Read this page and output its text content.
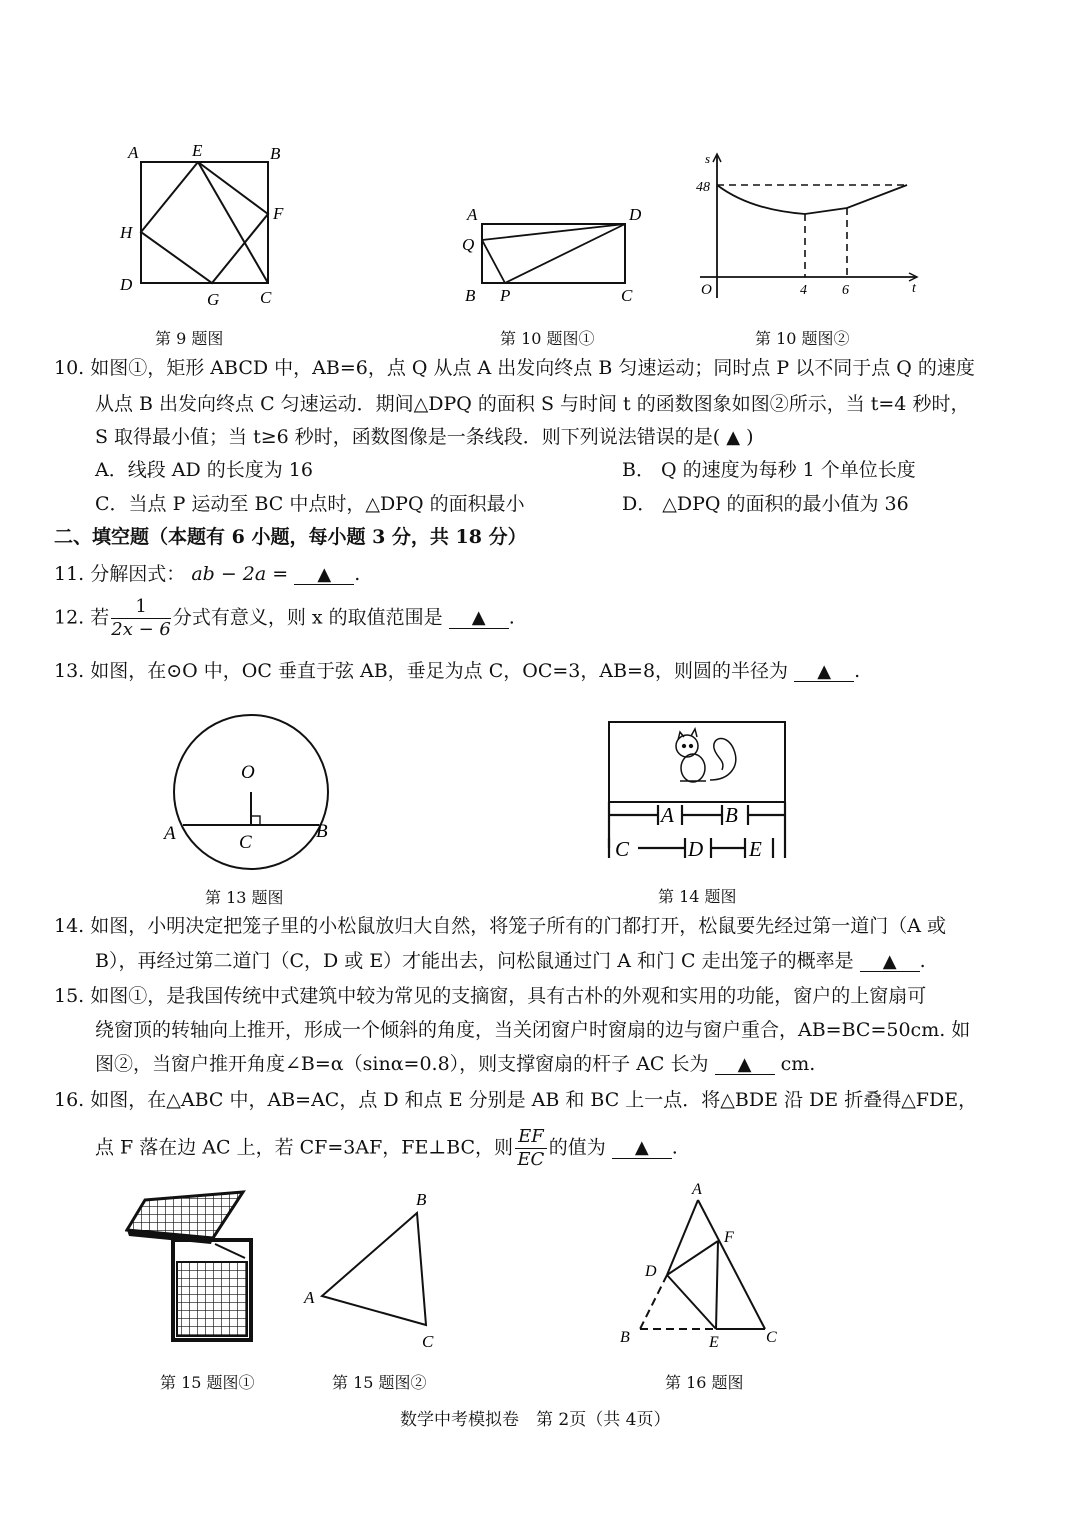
A	E	B
H
F
D
G C
第 9 题图
A	D
Q
B P	C
第 10 题图①
s
48
O	4	6	t
第 10 题图②
10. 如图①，矩形 ABCD 中，AB=6，点 Q 从点 A 出发向终点 B 匀速运动；同时点 P 以不同于点 Q 的速度
从点 B 出发向终点 C 匀速运动．期间△DPQ 的面积 S 与时间 t 的函数图象如图②所示，当 t=4 秒时，
S 取得最小值；当 t≥6 秒时，函数图像是一条线段．则下列说法错误的是( ▲ )
A．线段 AD 的长度为 16	B． Q 的速度为每秒 1 个单位长度
C．当点 P 运动至 BC 中点时，△DPQ 的面积最小	D． △DPQ 的面积的最小值为 36
二、填空题（本题有 6 小题，每小题 3 分，共 18 分）
11. 分解因式： ab − 2a = ▲ .
12. 若 $\frac{1}{2x - 6}$ 分式有意义，则 x 的取值范围是 ▲ .
13. 如图，在⊙O 中，OC 垂直于弦 AB，垂足为点 C，OC=3，AB=8，则圆的半径为 ▲ .
O
A	B
C
第 13 题图
A B
C	D E
第 14 题图
14. 如图，小明决定把笼子里的小松鼠放归大自然，将笼子所有的门都打开，松鼠要先经过第一道门（A 或
B），再经过第二道门（C，D 或 E）才能出去，问松鼠通过门 A 和门 C 走出笼子的概率是 ▲ .
15. 如图①，是我国传统中式建筑中较为常见的支摘窗，具有古朴的外观和实用的功能，窗户的上窗扇可
绕窗顶的转轴向上推开，形成一个倾斜的角度，当关闭窗户时窗扇的边与窗户重合，AB=BC=50cm. 如
图②，当窗户推开角度∠B=α（sinα=0.8），则支撑窗扇的杆子 AC 长为 ▲ cm.
16. 如图，在△ABC 中，AB=AC，点 D 和点 E 分别是 AB 和 BC 上一点．将△BDE 沿 DE 折叠得△FDE，
点 F 落在边 AC 上，若 CF=3AF，FE⊥BC，则 $\frac{EF}{EC}$ 的值为 ▲ .
第 15 题图①
B
A
C
第 15 题图②
A
F
D
B	E	C
第 16 题图
数学中考模拟卷　第 2页（共 4页）
